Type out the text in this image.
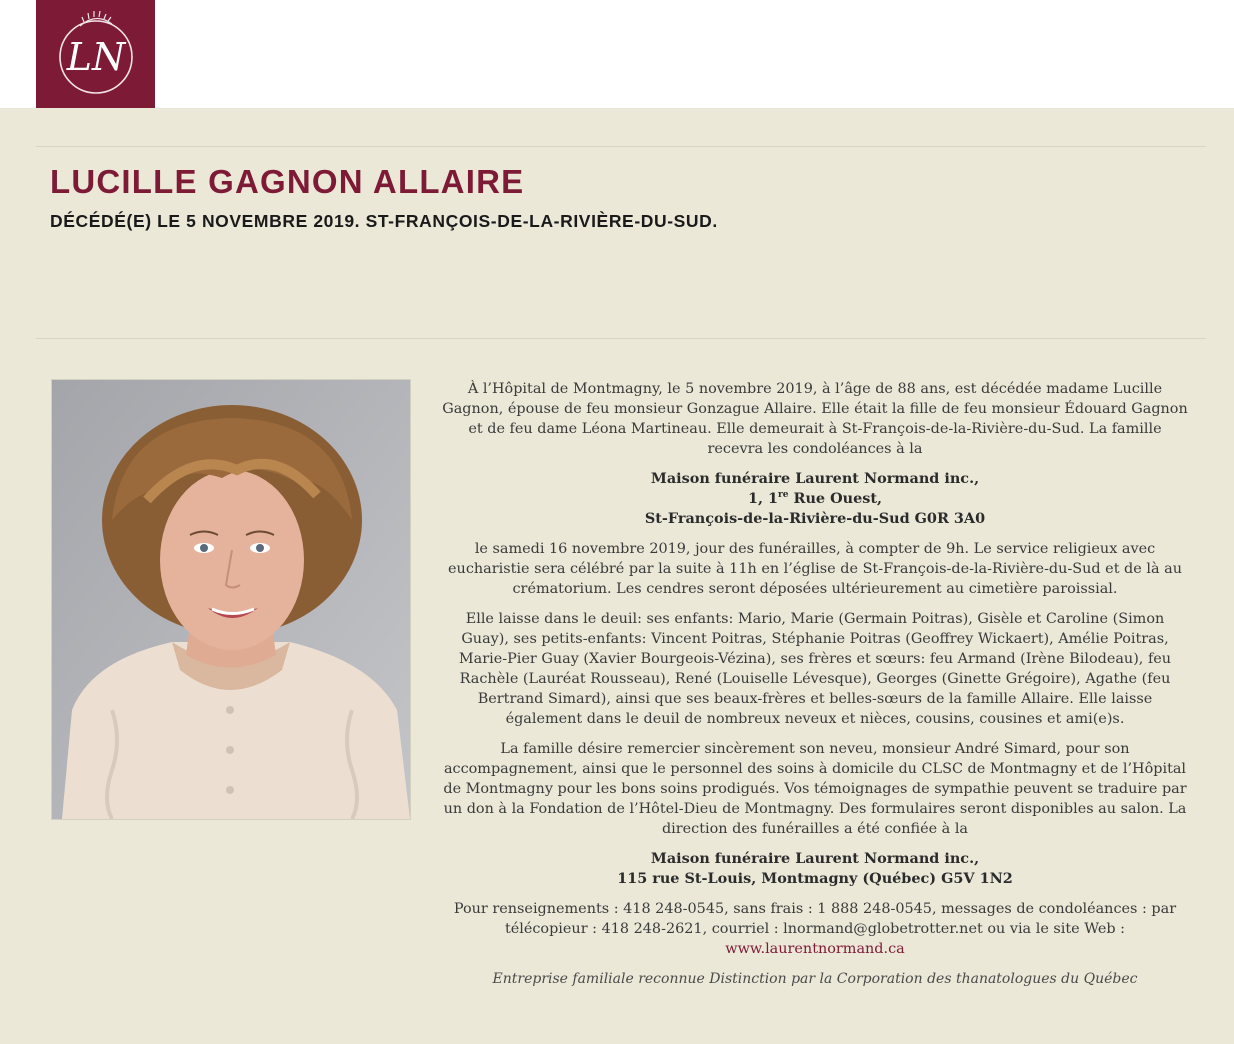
LN
LUCILLE GAGNON ALLAIRE
DÉCÉDÉ(E) LE 5 NOVEMBRE 2019. ST-FRANÇOIS-DE-LA-RIVIÈRE-DU-SUD.

À l’Hôpital de Montmagny, le 5 novembre 2019, à l’âge de 88 ans, est décédée madame Lucille Gagnon, épouse de feu monsieur Gonzague Allaire. Elle était la fille de feu monsieur Édouard Gagnon et de feu dame Léona Martineau. Elle demeurait à St-François-de-la-Rivière-du-Sud. La famille recevra les condoléances à la

Maison funéraire Laurent Normand inc.,
1, 1re Rue Ouest,
St-François-de-la-Rivière-du-Sud G0R 3A0

le samedi 16 novembre 2019, jour des funérailles, à compter de 9h. Le service religieux avec eucharistie sera célébré par la suite à 11h en l’église de St-François-de-la-Rivière-du-Sud et de là au crématorium. Les cendres seront déposées ultérieurement au cimetière paroissial.

Elle laisse dans le deuil: ses enfants: Mario, Marie (Germain Poitras), Gisèle et Caroline (Simon Guay), ses petits-enfants: Vincent Poitras, Stéphanie Poitras (Geoffrey Wickaert), Amélie Poitras, Marie-Pier Guay (Xavier Bourgeois-Vézina), ses frères et sœurs: feu Armand (Irène Bilodeau), feu Rachèle (Lauréat Rousseau), René (Louiselle Lévesque), Georges (Ginette Grégoire), Agathe (feu Bertrand Simard), ainsi que ses beaux-frères et belles-sœurs de la famille Allaire. Elle laisse également dans le deuil de nombreux neveux et nièces, cousins, cousines et ami(e)s.

La famille désire remercier sincèrement son neveu, monsieur André Simard, pour son accompagnement, ainsi que le personnel des soins à domicile du CLSC de Montmagny et de l’Hôpital de Montmagny pour les bons soins prodigués. Vos témoignages de sympathie peuvent se traduire par un don à la Fondation de l’Hôtel-Dieu de Montmagny. Des formulaires seront disponibles au salon. La direction des funérailles a été confiée à la

Maison funéraire Laurent Normand inc.,
115 rue St-Louis, Montmagny (Québec) G5V 1N2

Pour renseignements : 418 248-0545, sans frais : 1 888 248-0545, messages de condoléances : par télécopieur : 418 248-2621, courriel : lnormand@globetrotter.net ou via le site Web :
www.laurentnormand.ca

Entreprise familiale reconnue Distinction par la Corporation des thanatologues du Québec
